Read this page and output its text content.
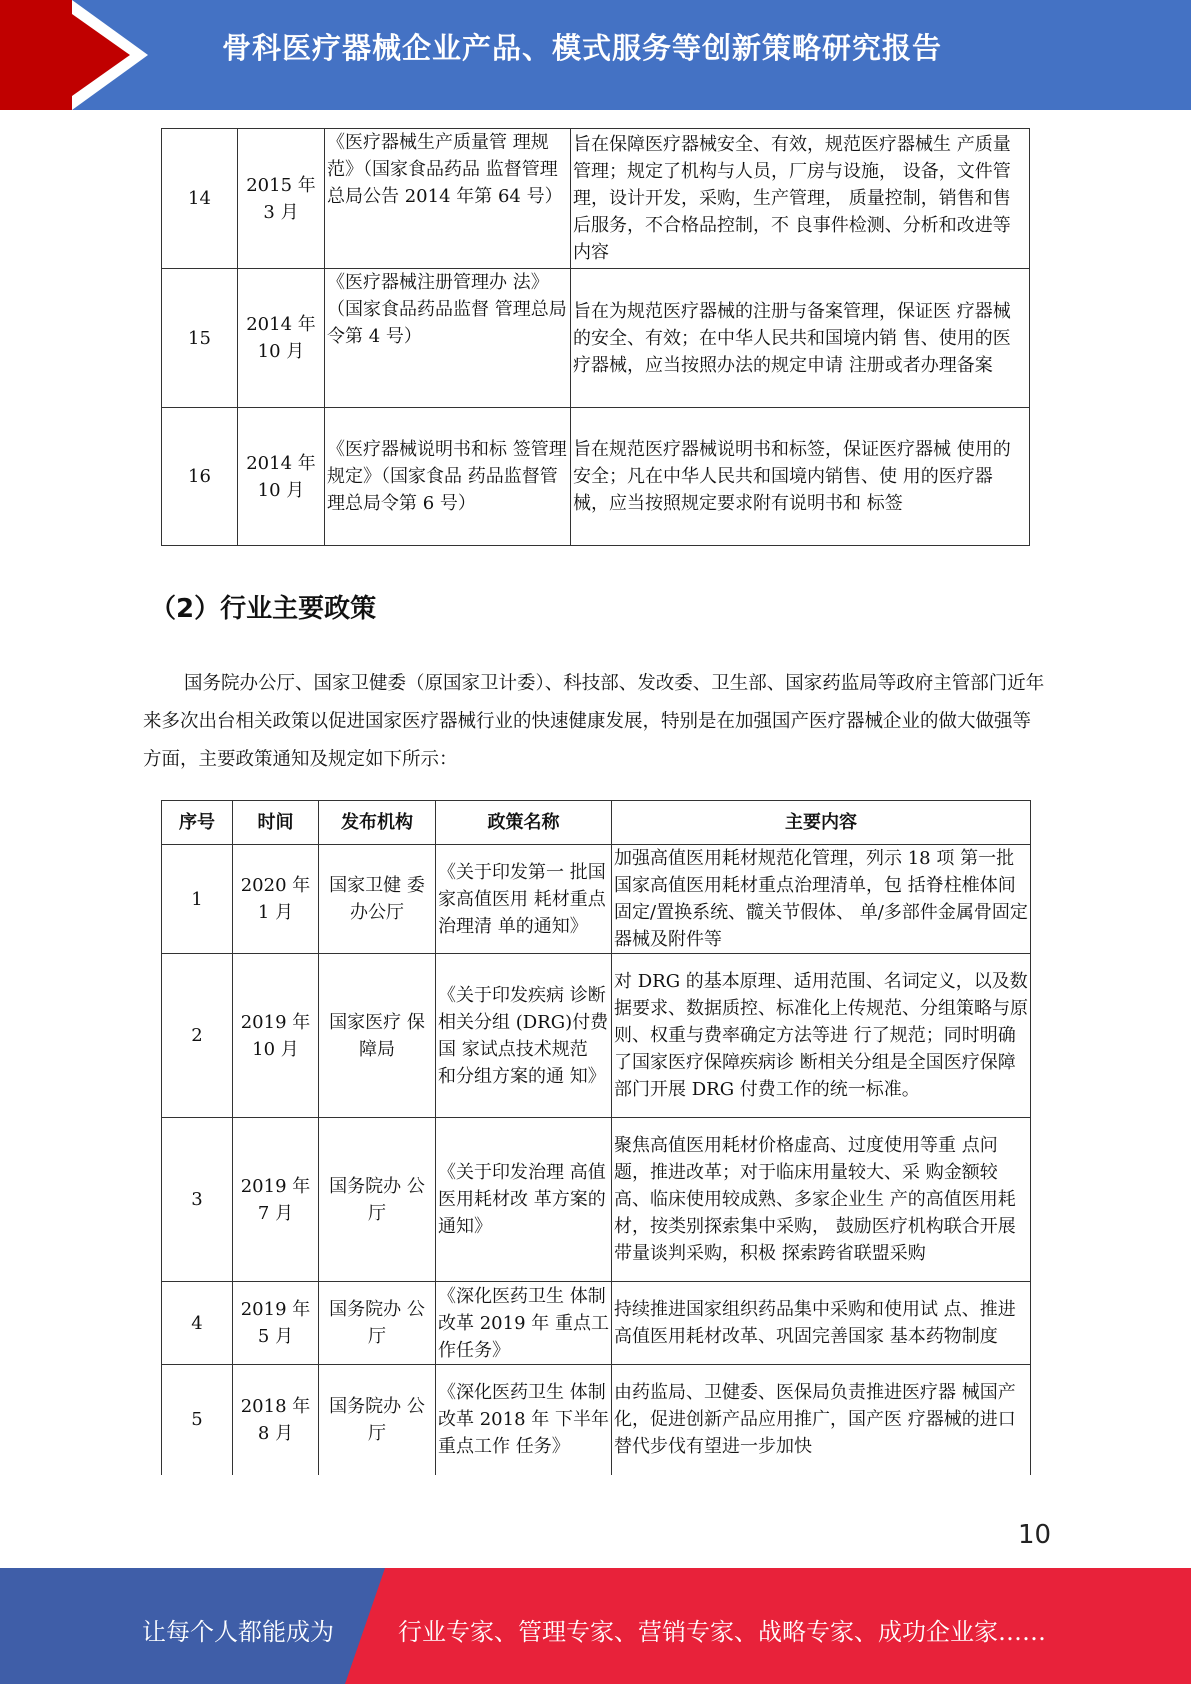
骨科医疗器械企业产品、模式服务等创新策略研究报告
14	2015 年 3 月	《医疗器械生产质量管 理规范》（国家食品药品 监督管理总局公告 2014 年第 64 号）	旨在保障医疗器械安全、有效，规范医疗器械生 产质量管理；规定了机构与人员，厂房与设施， 设备，文件管理，设计开发，采购，生产管理， 质量控制，销售和售后服务，不合格品控制，不 良事件检测、分析和改进等内容
15	2014 年 10 月	《医疗器械注册管理办 法》（国家食品药品监督 管理总局令第 4 号）	旨在为规范医疗器械的注册与备案管理，保证医 疗器械的安全、有效；在中华人民共和国境内销 售、使用的医疗器械，应当按照办法的规定申请 注册或者办理备案
16	2014 年 10 月	《医疗器械说明书和标 签管理规定》（国家食品 药品监督管理总局令第 6 号）	旨在规范医疗器械说明书和标签，保证医疗器械 使用的安全；凡在中华人民共和国境内销售、使 用的医疗器械，应当按照规定要求附有说明书和 标签
（2）行业主要政策
国务院办公厅、国家卫健委（原国家卫计委）、科技部、发改委、卫生部、国家药监局等政府主管部门近年来多次出台相关政策以促进国家医疗器械行业的快速健康发展，特别是在加强国产医疗器械企业的做大做强等方面，主要政策通知及规定如下所示：
序号	时间	发布机构	政策名称	主要内容
1	2020 年 1 月	国家卫健 委办公厅	《关于印发第一 批国家高值医用 耗材重点治理清 单的通知》	加强高值医用耗材规范化管理，列示 18 项 第一批国家高值医用耗材重点治理清单，包 括脊柱椎体间固定/置换系统、髋关节假体、 单/多部件金属骨固定器械及附件等
2	2019 年 10 月	国家医疗 保障局	《关于印发疾病 诊断相关分组 (DRG)付费国 家试点技术规范 和分组方案的通 知》	对 DRG 的基本原理、适用范围、名词定义，以及数据要求、数据质控、标准化上传规范、分组策略与原则、权重与费率确定方法等进 行了规范；同时明确了国家医疗保障疾病诊 断相关分组是全国医疗保障部门开展 DRG 付费工作的统一标准。
3	2019 年 7 月	国务院办 公厅	《关于印发治理 高值医用耗材改 革方案的通知》	聚焦高值医用耗材价格虚高、过度使用等重 点问题，推进改革；对于临床用量较大、采 购金额较高、临床使用较成熟、多家企业生 产的高值医用耗材，按类别探索集中采购， 鼓励医疗机构联合开展带量谈判采购，积极 探索跨省联盟采购
4	2019 年 5 月	国务院办 公厅	《深化医药卫生 体制改革 2019 年 重点工作任务》	持续推进国家组织药品集中采购和使用试 点、推进高值医用耗材改革、巩固完善国家 基本药物制度
5	2018 年 8 月	国务院办 公厅	《深化医药卫生 体制改革 2018 年 下半年重点工作 任务》	由药监局、卫健委、医保局负责推进医疗器 械国产化，促进创新产品应用推广，国产医 疗器械的进口替代步伐有望进一步加快
10
让每个人都能成为	行业专家、管理专家、营销专家、战略专家、成功企业家……
